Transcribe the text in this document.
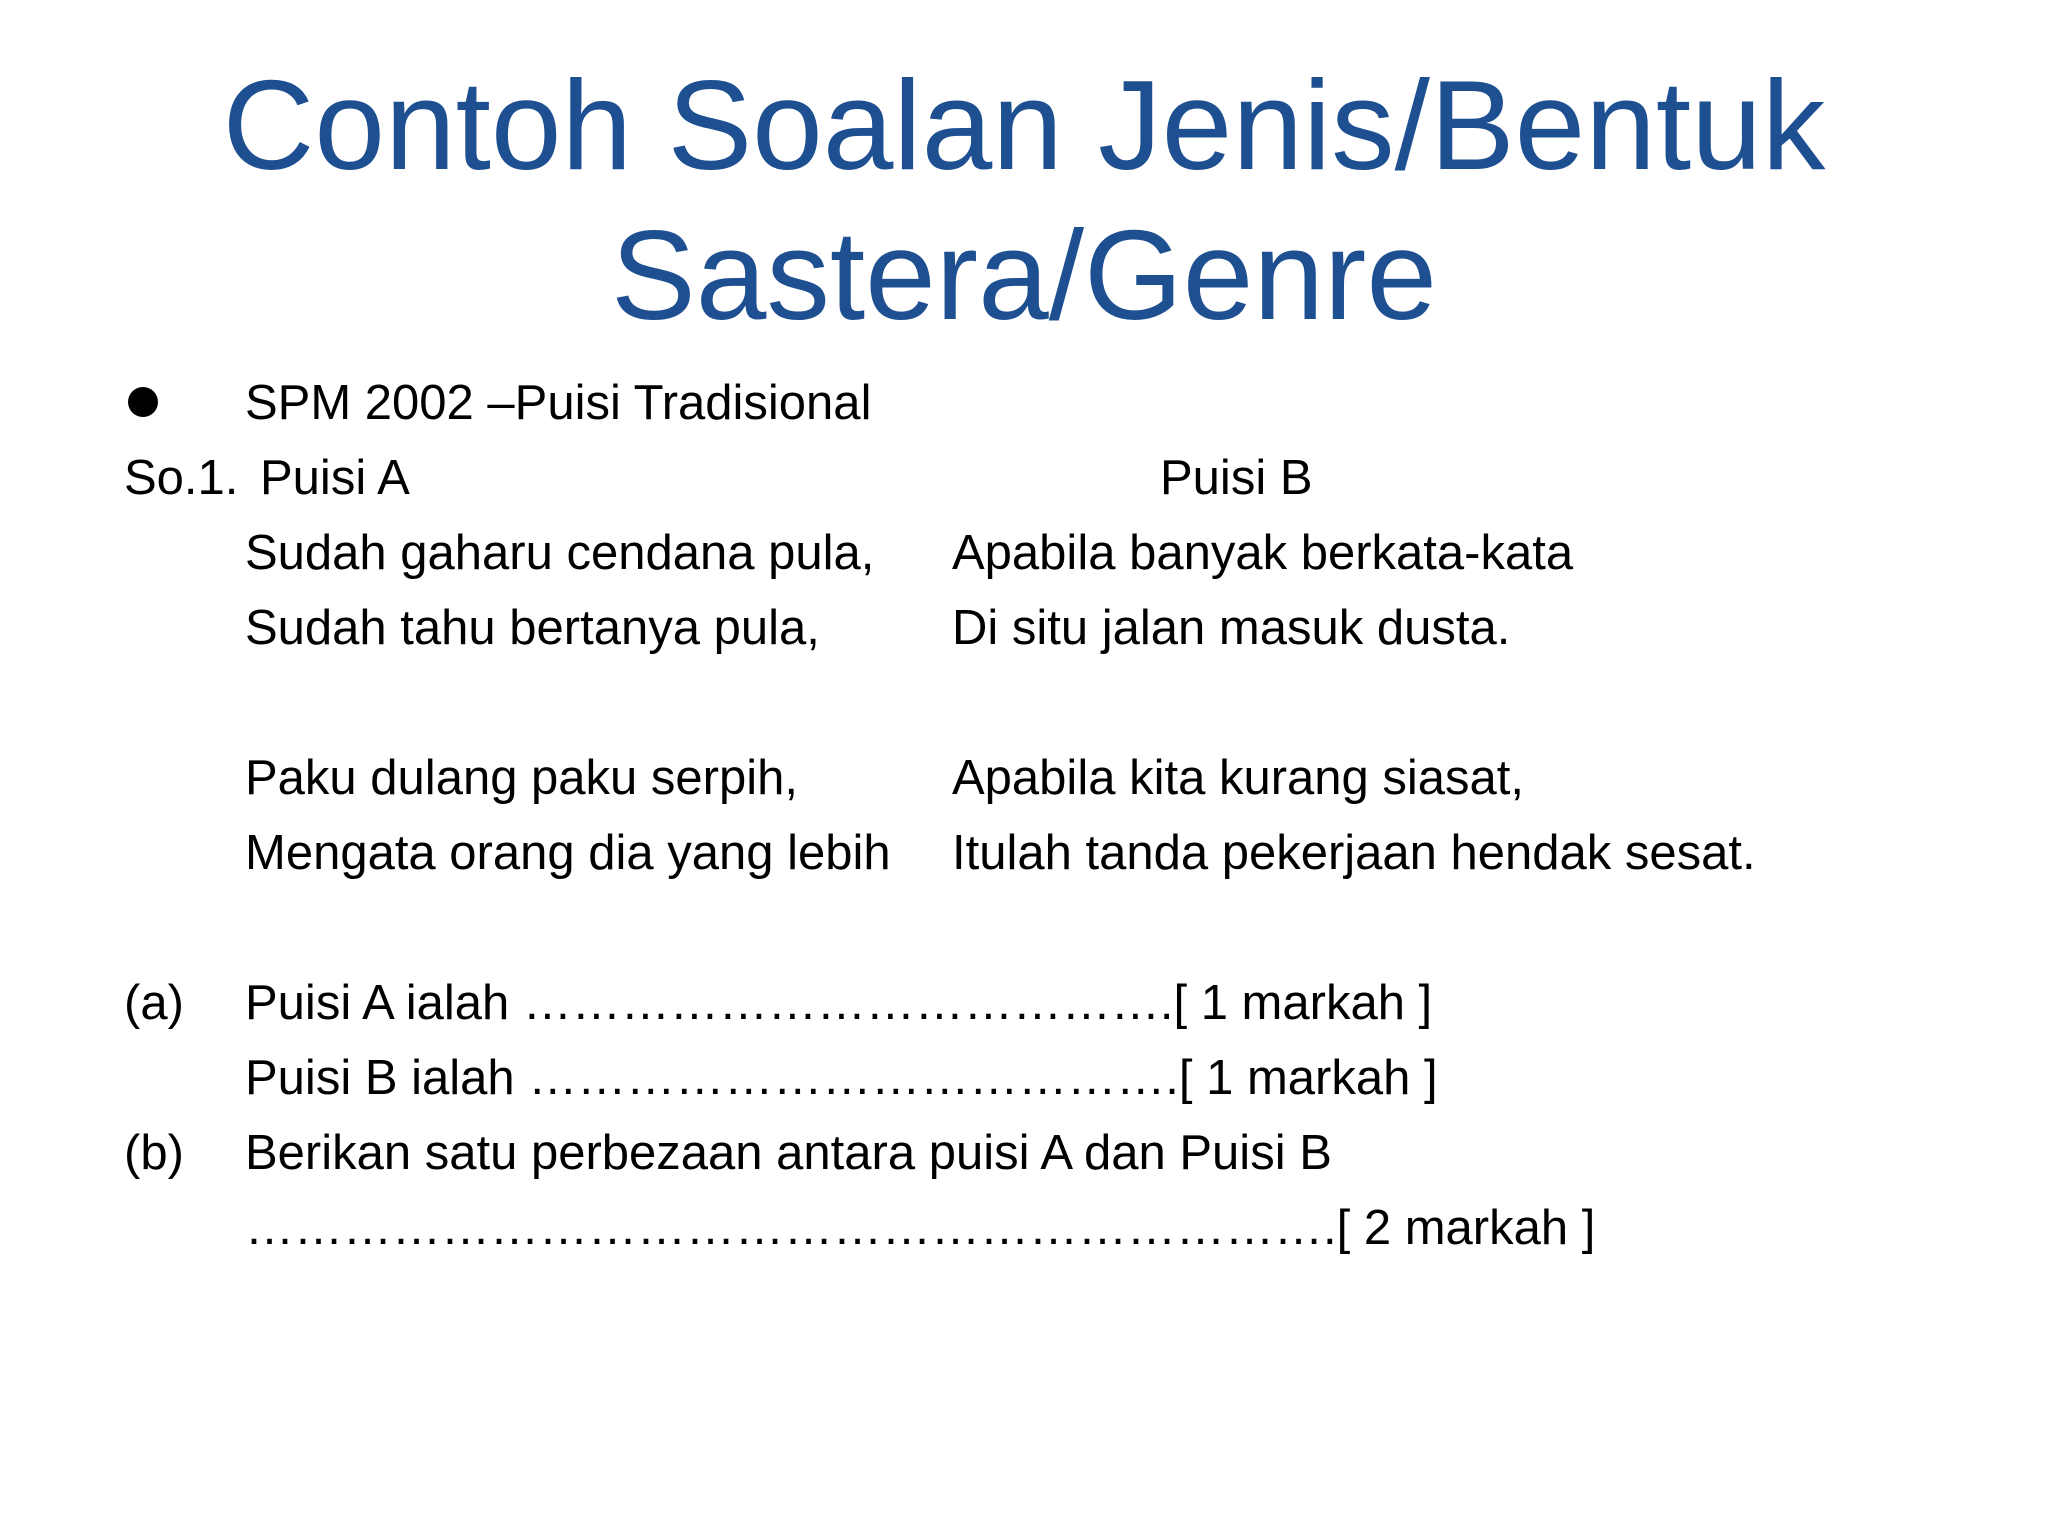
Contoh Soalan Jenis/Bentuk
Sastera/Genre

SPM 2002 –Puisi Tradisional

So.1. Puisi A	Puisi B

Sudah gaharu cendana pula,

Sudah tahu bertanya pula,

Paku dulang paku serpih,

Mengata orang dia yang lebih

Apabila banyak berkata-kata

Di situ jalan masuk dusta.

Apabila kita kurang siasat,

Itulah tanda pekerjaan hendak sesat.

(a) Puisi A ialah ………………………………….[ 1 markah ]

Puisi B ialah ………………………………….[ 1 markah ]

(b) Berikan satu perbezaan antara puisi A dan Puisi B

………………………………………………………….[ 2 markah ]
